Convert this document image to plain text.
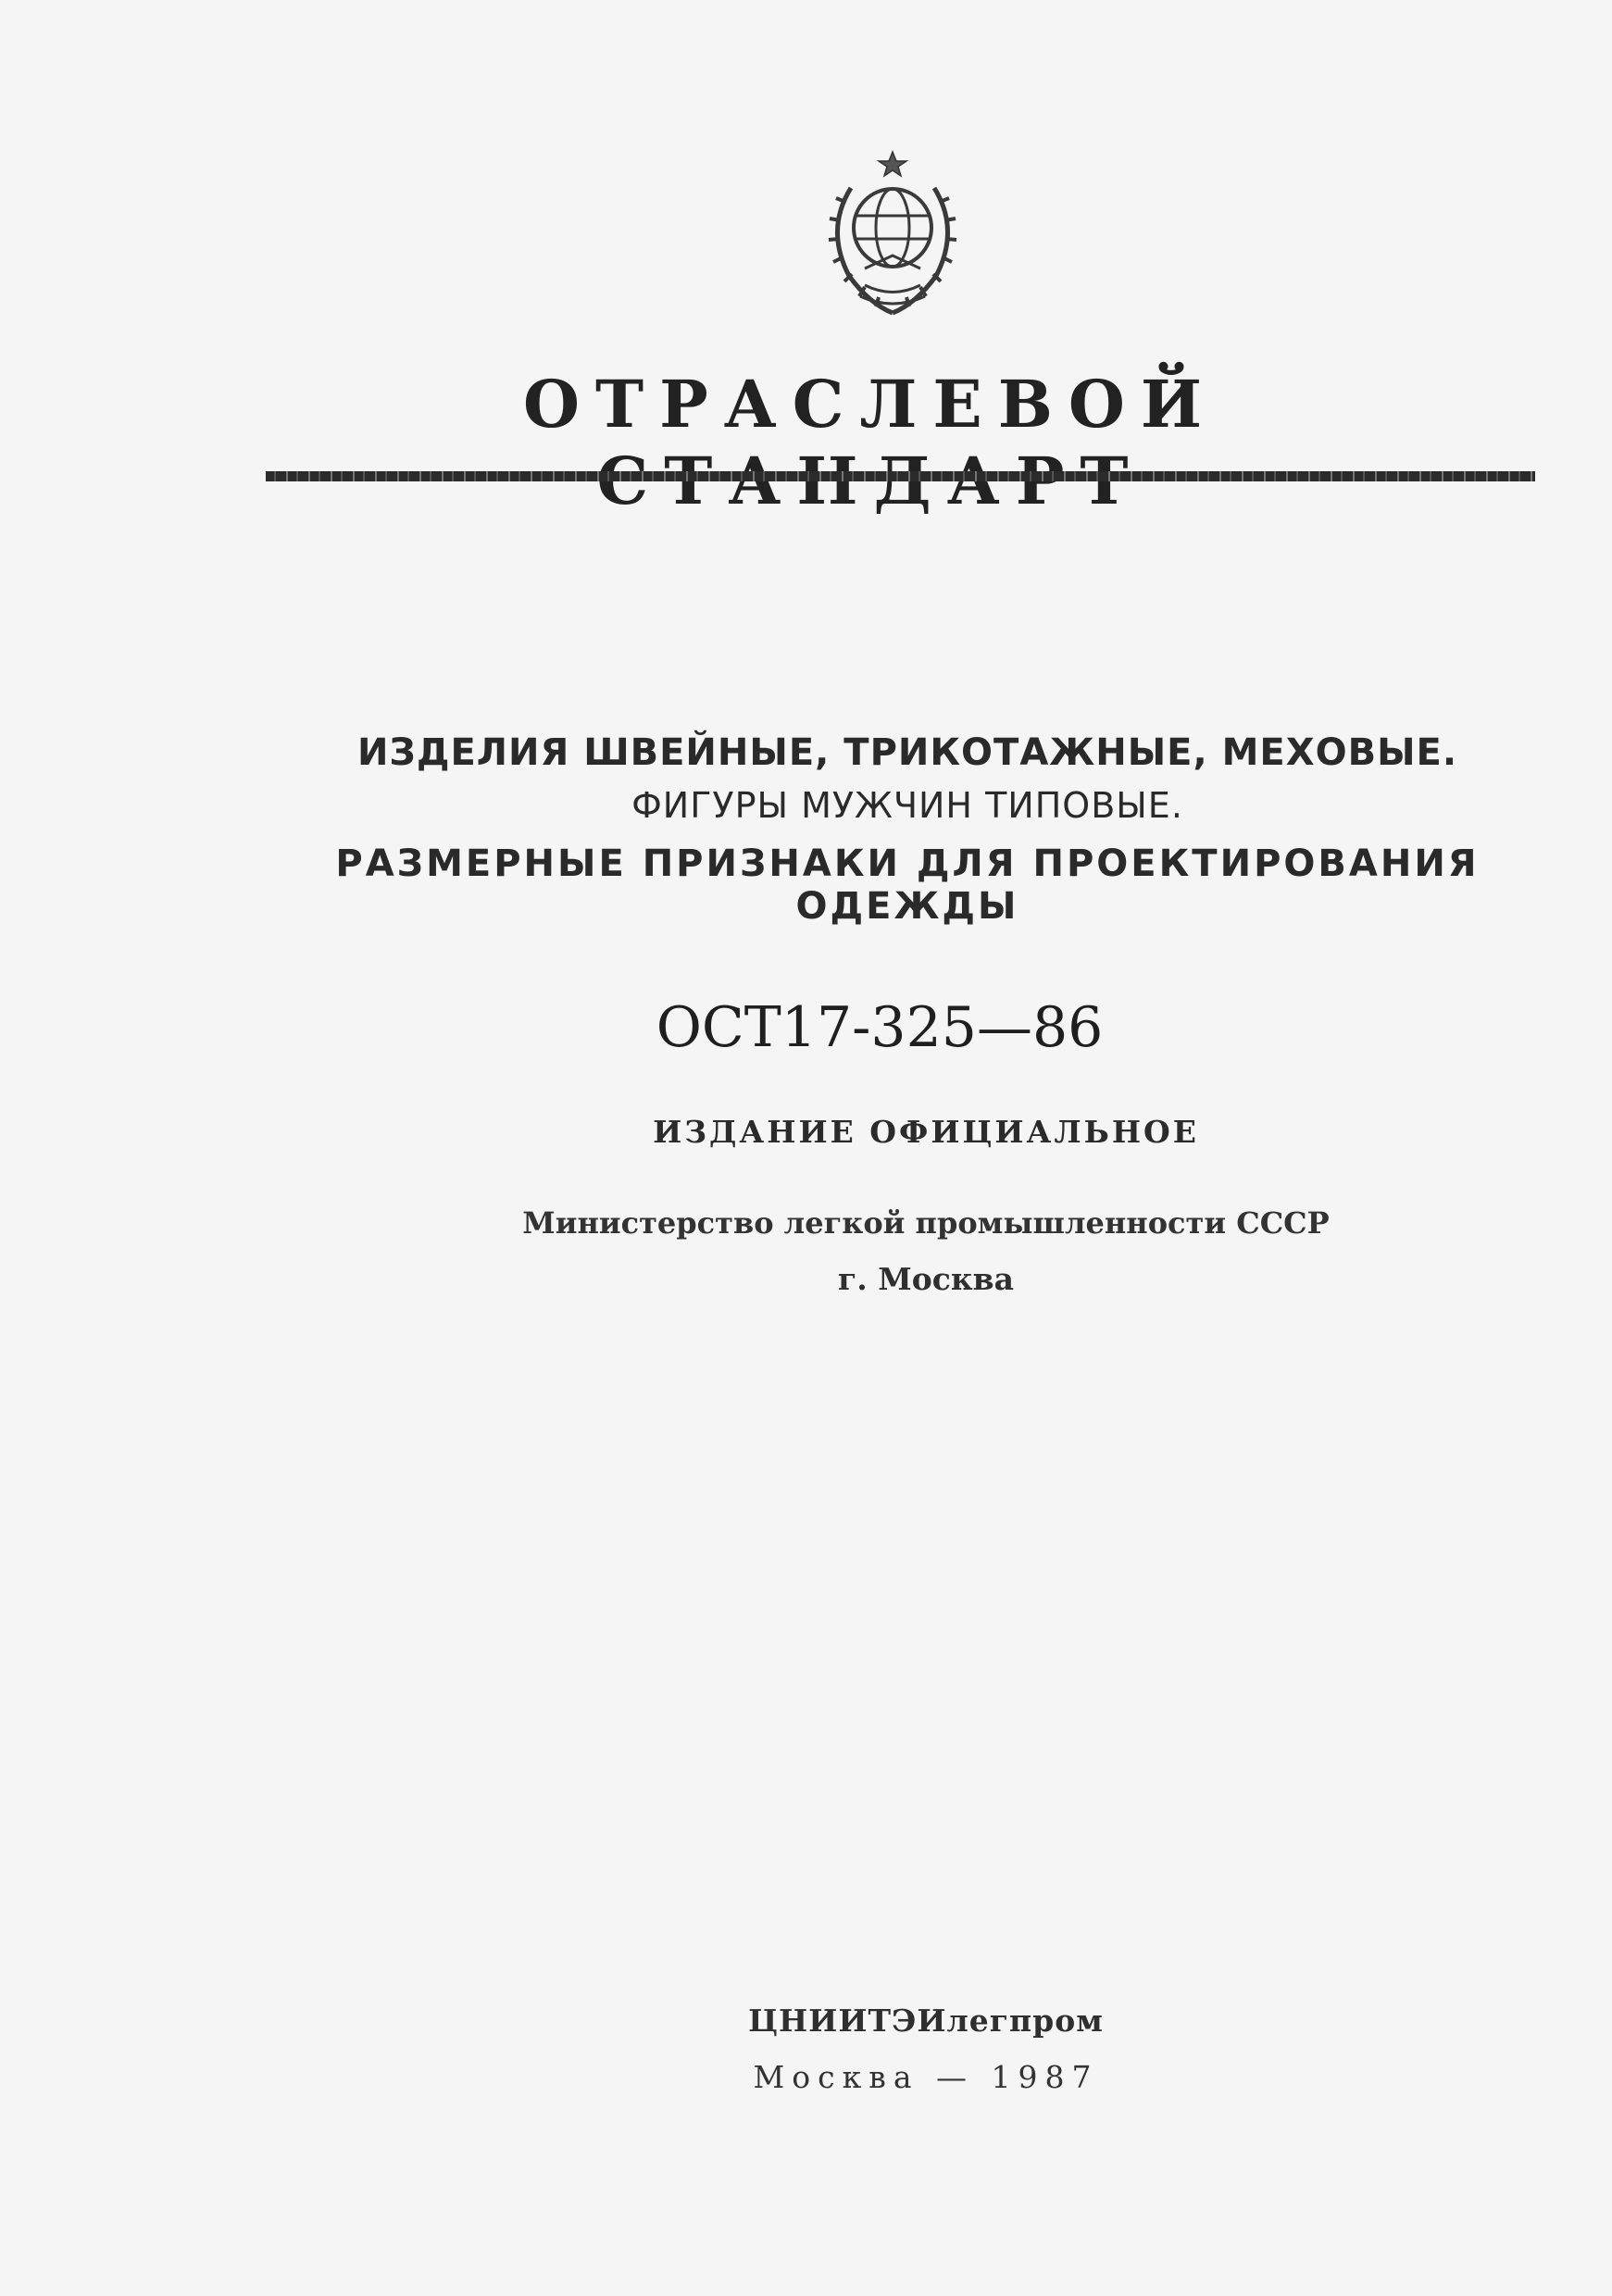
ОТРАСЛЕВОЙ
ИЗДЕЛИЯ ШВЕЙНЫЕ, ТРИКОТАЖНЫЕ, МЕХОВЫЕ.
ФИГУРЫ МУЖЧИН ТИПОВЫЕ.
РАЗМЕРНЫЕ ПРИЗНАКИ ДЛЯ ПРОЕКТИРОВАНИЯ ОДЕЖДЫ
ОСТ17-325—86
ИЗДАНИЕ ОФИЦИАЛЬНОЕ
Министерство легкой промышленности СССР
г. Москва
ЦНИИТЭИлегпром
Москва — 1987
